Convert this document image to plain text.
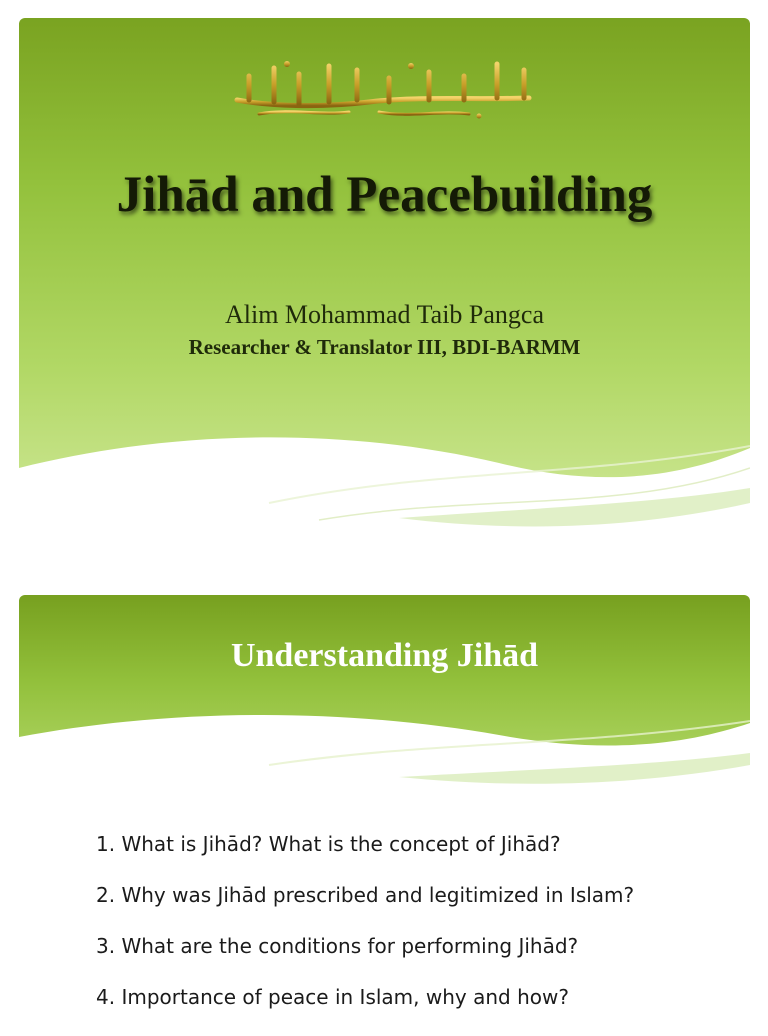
Jihād and Peacebuilding

Alim Mohammad Taib Pangca

Researcher & Translator III, BDI-BARMM

Understanding Jihād
1. What is Jihād? What is the concept of Jihād?
2. Why was Jihād prescribed and legitimized in Islam?
3. What are the conditions for performing Jihād?
4. Importance of peace in Islam, why and how?
